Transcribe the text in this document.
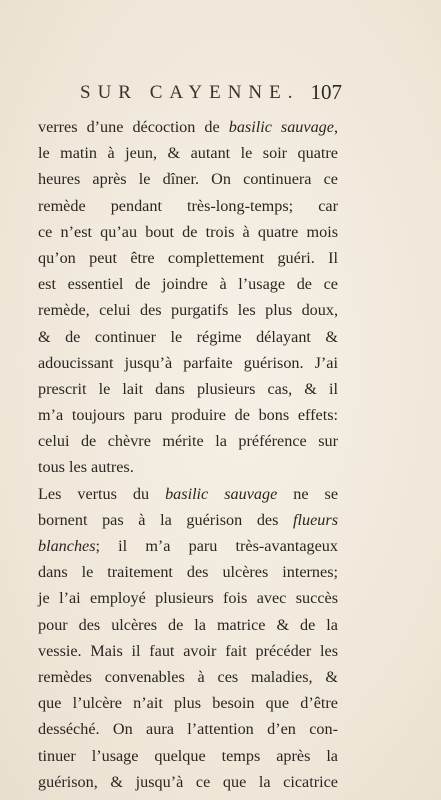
SUR CAYENNE. 107
verres d’une décoction de basilic sauvage,
le matin à jeun, & autant le soir quatre
heures après le dîner. On continuera ce
remède pendant très-long-temps; car
ce n’est qu’au bout de trois à quatre mois
qu’on peut être complettement guéri. Il
est essentiel de joindre à l’usage de ce
remède, celui des purgatifs les plus doux,
& de continuer le régime délayant &
adoucissant jusqu’à parfaite guérison. J’ai
prescrit le lait dans plusieurs cas, & il
m’a toujours paru produire de bons effets:
celui de chèvre mérite la préférence sur
tous les autres.
Les vertus du basilic sauvage ne se
bornent pas à la guérison des flueurs
blanches; il m’a paru très-avantageux
dans le traitement des ulcères internes;
je l’ai employé plusieurs fois avec succès
pour des ulcères de la matrice & de la
vessie. Mais il faut avoir fait précéder les
remèdes convenables à ces maladies, &
que l’ulcère n’ait plus besoin que d’être
desséché. On aura l’attention d’en con-
tinuer l’usage quelque temps après la
guérison, & jusqu’à ce que la cicatrice
